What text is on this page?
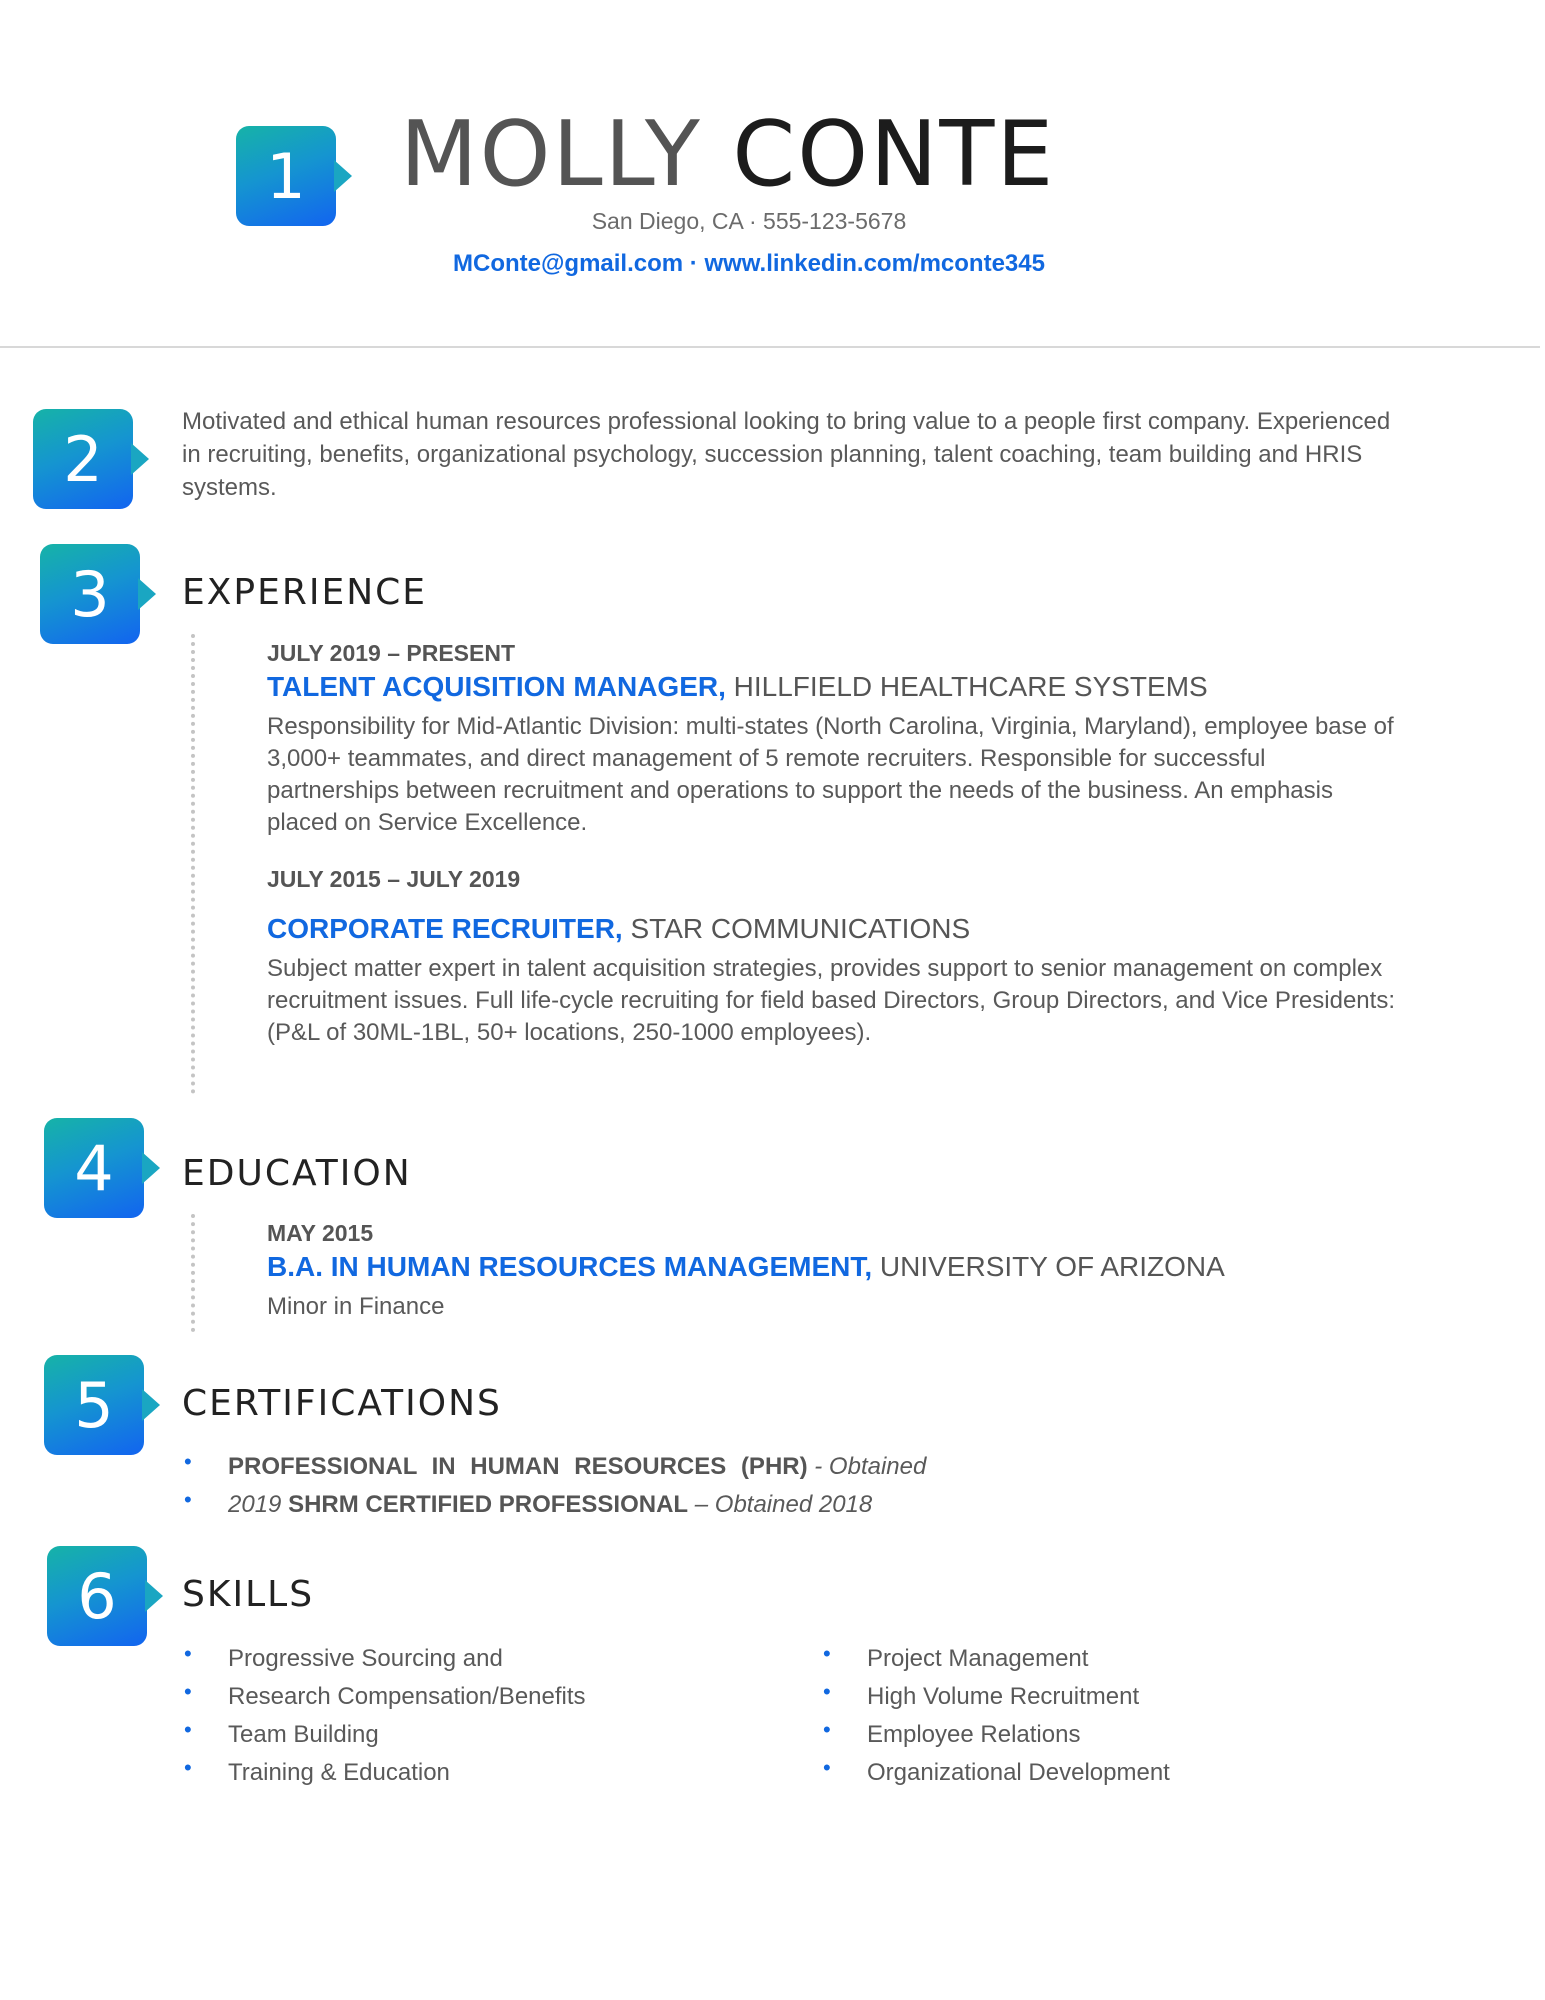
1 MOLLY CONTE
San Diego, CA · 555-123-5678
MConte@gmail.com · www.linkedin.com/mconte345
2

Motivated and ethical human resources professional looking to bring value to a people first company. Experienced in recruiting, benefits, organizational psychology, succession planning, talent coaching, team building and HRIS systems.

3 EXPERIENCE
JULY 2019 – PRESENT
TALENT ACQUISITION MANAGER, HILLFIELD HEALTHCARE SYSTEMS

Responsibility for Mid-Atlantic Division: multi-states (North Carolina, Virginia, Maryland), employee base of 3,000+ teammates, and direct management of 5 remote recruiters. Responsible for successful partnerships between recruitment and operations to support the needs of the business. An emphasis placed on Service Excellence.

JULY 2015 – JULY 2019
CORPORATE RECRUITER, STAR COMMUNICATIONS

Subject matter expert in talent acquisition strategies, provides support to senior management on complex recruitment issues. Full life-cycle recruiting for field based Directors, Group Directors, and Vice Presidents: (P&L of 30ML-1BL, 50+ locations, 250-1000 employees).

4 EDUCATION
MAY 2015
B.A. IN HUMAN RESOURCES MANAGEMENT, UNIVERSITY OF ARIZONA

Minor in Finance

5 CERTIFICATIONS
• PROFESSIONAL IN HUMAN RESOURCES (PHR) - Obtained
• 2019 SHRM CERTIFIED PROFESSIONAL – Obtained 2018
6 SKILLS
• Progressive Sourcing and
• Research Compensation/Benefits
• Team Building
• Training & Education
• Project Management
• High Volume Recruitment
• Employee Relations
• Organizational Development
